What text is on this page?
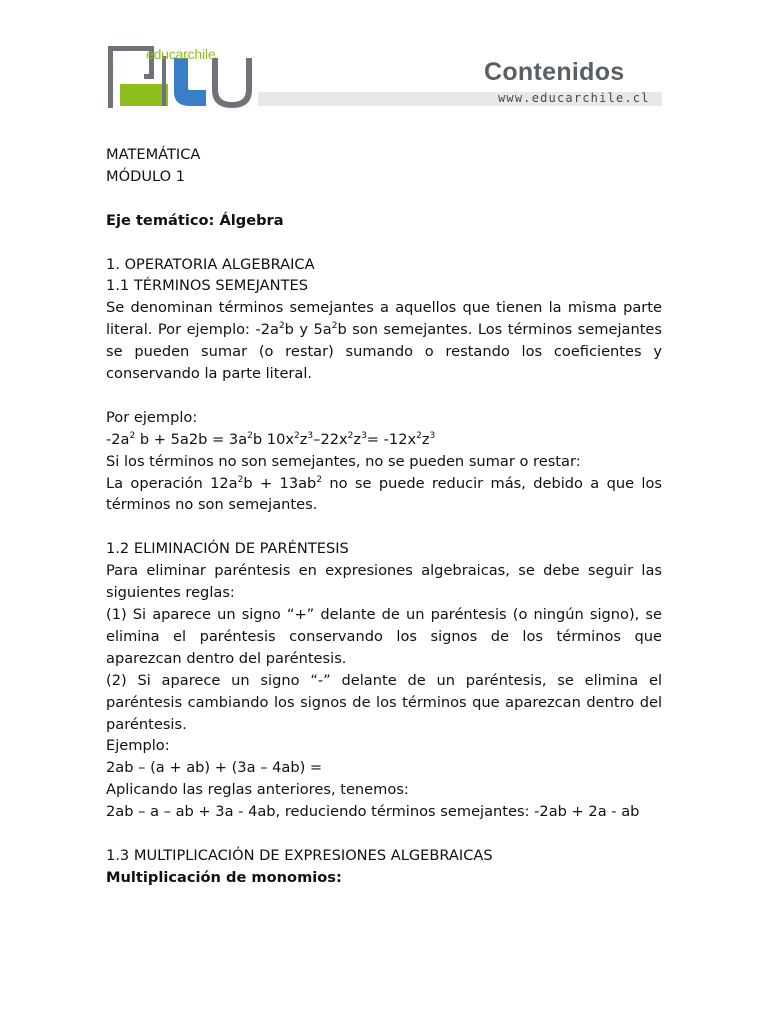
educarchile
Contenidos
www.educarchile.cl

MATEMÁTICA

MÓDULO 1

Eje temático: Álgebra

1. OPERATORIA ALGEBRAICA

1.1 TÉRMINOS SEMEJANTES

Se denominan términos semejantes a aquellos que tienen la misma parte literal. Por ejemplo: $-2a^2b$ y $5a^2b$ son semejantes. Los términos semejantes se pueden sumar (o restar) sumando o restando los coeficientes y conservando la parte literal.

Por ejemplo:

$-2a^2$ $b + 5a2b = 3a^2b$ $10x^2z^3-22x^2z^3= -12x^2z^3$

Si los términos no son semejantes, no se pueden sumar o restar:

La operación $12a^2b + 13ab^2$ no se puede reducir más, debido a que los términos no son semejantes.

1.2 ELIMINACIÓN DE PARÉNTESIS

Para eliminar paréntesis en expresiones algebraicas, se debe seguir las siguientes reglas:

(1) Si aparece un signo “+” delante de un paréntesis (o ningún signo), se elimina el paréntesis conservando los signos de los términos que aparezcan dentro del paréntesis.

(2) Si aparece un signo “-” delante de un paréntesis, se elimina el paréntesis cambiando los signos de los términos que aparezcan dentro del paréntesis.

Ejemplo:

2ab – (a + ab) + (3a – 4ab) =

Aplicando las reglas anteriores, tenemos:

2ab – a – ab + 3a - 4ab, reduciendo términos semejantes: -2ab + 2a - ab

1.3 MULTIPLICACIÓN DE EXPRESIONES ALGEBRAICAS

Multiplicación de monomios:
